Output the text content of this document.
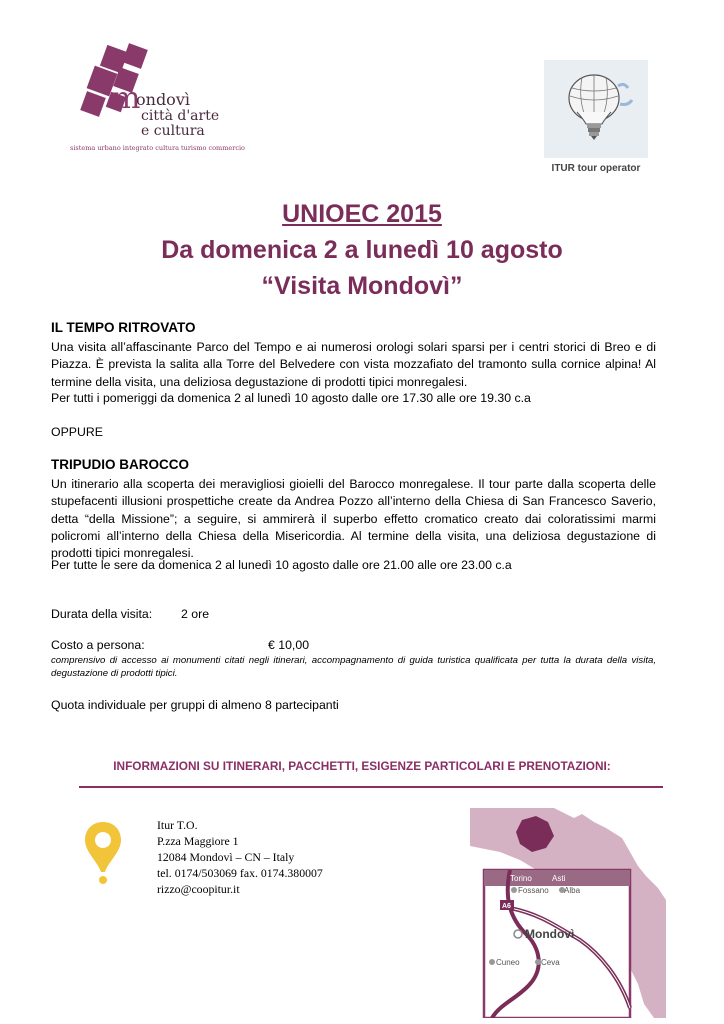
m
ondovì
città d'arte
e cultura
sistema urbano integrato cultura turismo commercio
ITUR tour operator
UNIOEC 2015
Da domenica 2 a lunedì 10 agosto
“Visita Mondovì”
IL TEMPO RITROVATO
Una visita all’affascinante Parco del Tempo e ai numerosi orologi solari sparsi per i centri storici di Breo e di Piazza. È prevista la salita alla Torre del Belvedere con vista mozzafiato del tramonto sulla cornice alpina! Al termine della visita, una deliziosa degustazione di prodotti tipici monregalesi.
Per tutti i pomeriggi da domenica 2 al lunedì 10 agosto dalle ore 17.30 alle ore 19.30 c.a
OPPURE
TRIPUDIO BAROCCO
Un itinerario alla scoperta dei meravigliosi gioielli del Barocco monregalese. Il tour parte dalla scoperta delle stupefacenti illusioni prospettiche create da Andrea Pozzo all’interno della Chiesa di San Francesco Saverio, detta “della Missione”; a seguire, si ammirerà il superbo effetto cromatico creato dai coloratissimi marmi policromi all’interno della Chiesa della Misericordia. Al termine della visita, una deliziosa degustazione di prodotti tipici monregalesi.
Per tutte le sere da domenica 2 al lunedì 10 agosto dalle ore 21.00 alle ore 23.00 c.a
Durata della visita: 2 ore
Costo a persona:	€ 10,00
comprensivo di accesso ai monumenti citati negli itinerari, accompagnamento di guida turistica qualificata per tutta la durata della visita, degustazione di prodotti tipici.
Quota individuale per gruppi di almeno 8 partecipanti
INFORMAZIONI SU ITINERARI, PACCHETTI, ESIGENZE PARTICOLARI E PRENOTAZIONI:
Itur T.O.
P.zza Maggiore 1
12084 Mondovì – CN – Italy
tel. 0174/503069 fax. 0174.380007
rizzo@coopitur.it
Torino	Asti
Fossano Alba
A6
Mondovì
Cuneo	Ceva
